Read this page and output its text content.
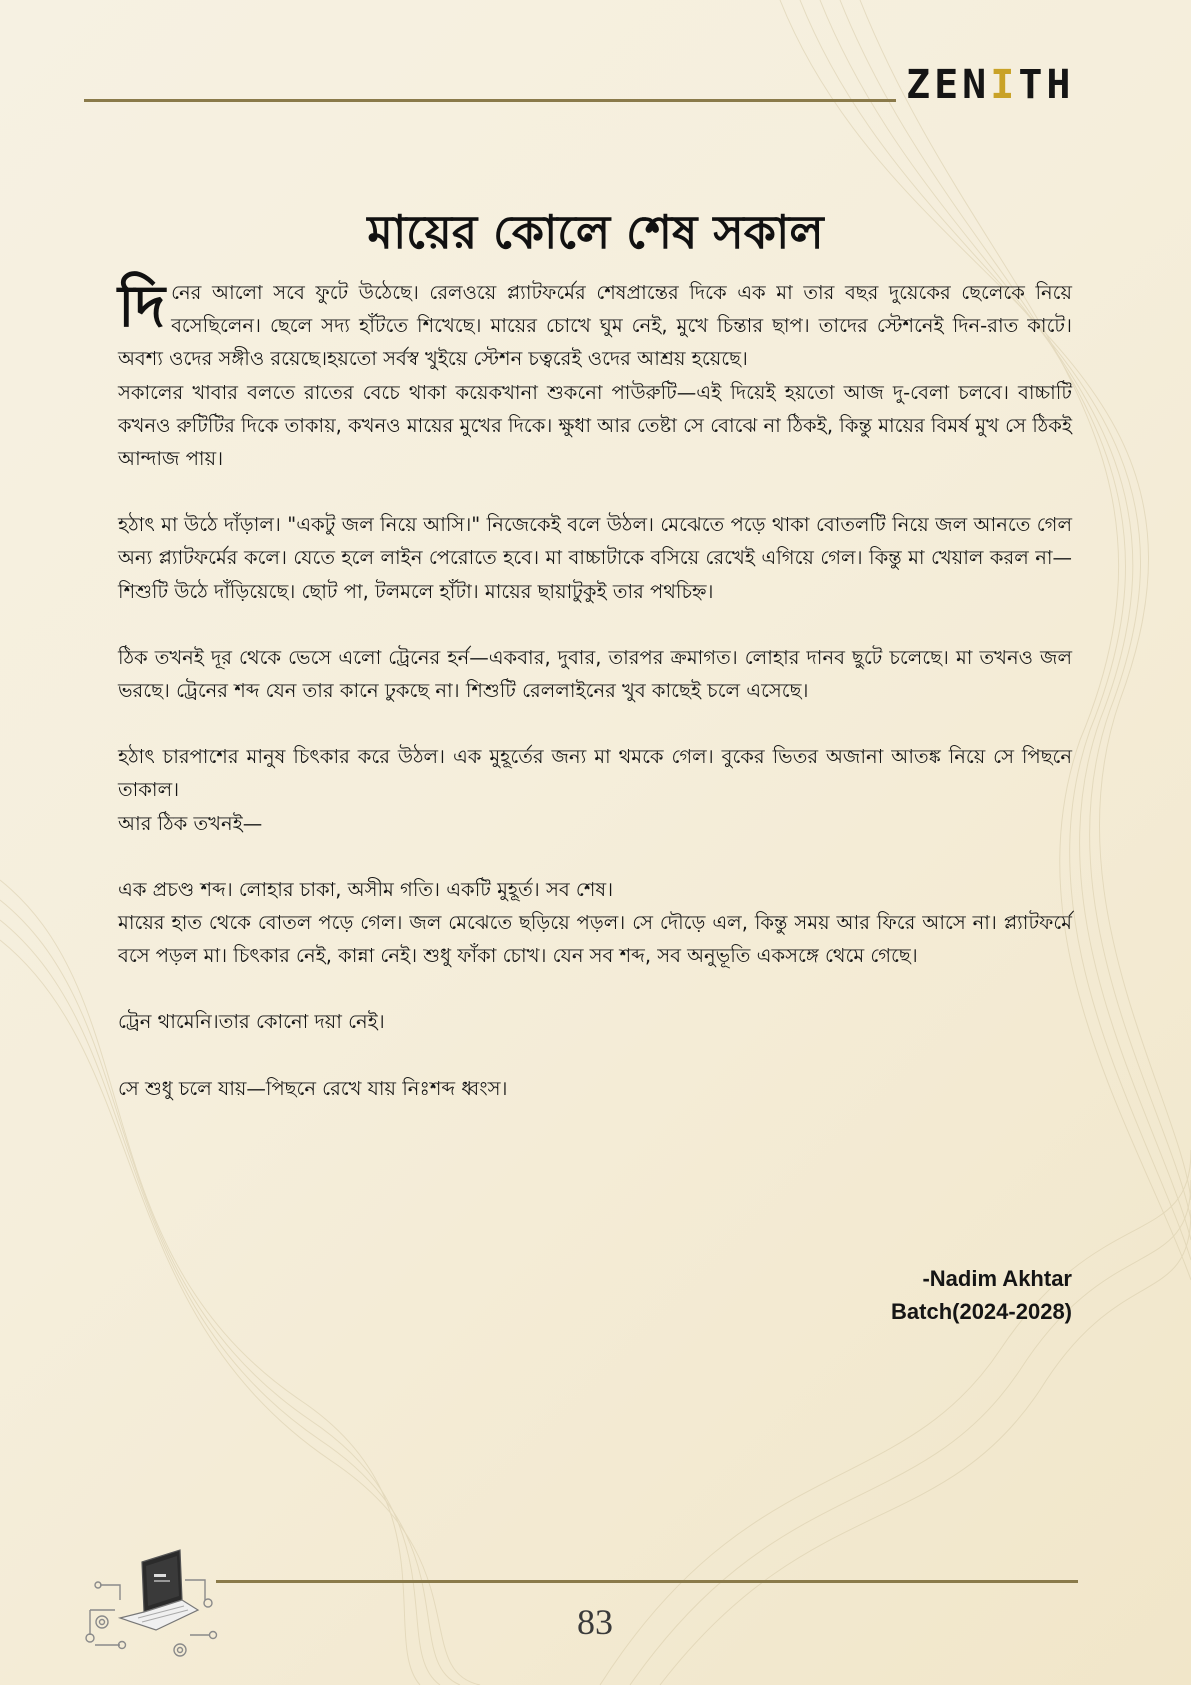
ZENITH
মায়ের কোলে শেষ সকাল

দিনের আলো সবে ফুটে উঠেছে। রেলওয়ে প্ল্যাটফর্মের শেষপ্রান্তের দিকে এক মা তার বছর দুয়েকের ছেলেকে নিয়ে বসেছিলেন। ছেলে সদ্য হাঁটতে শিখেছে। মায়ের চোখে ঘুম নেই, মুখে চিন্তার ছাপ। তাদের স্টেশনেই দিন-রাত কাটে। অবশ্য ওদের সঙ্গীও রয়েছে।হয়তো সর্বস্ব খুইয়ে স্টেশন চত্বরেই ওদের আশ্রয় হয়েছে।

সকালের খাবার বলতে রাতের বেচে থাকা কয়েকখানা শুকনো পাউরুটি—এই দিয়েই হয়তো আজ দু-বেলা চলবে। বাচ্চাটি কখনও রুটিটির দিকে তাকায়, কখনও মায়ের মুখের দিকে। ক্ষুধা আর তেষ্টা সে বোঝে না ঠিকই, কিন্তু মায়ের বিমর্ষ মুখ সে ঠিকই আন্দাজ পায়।

হঠাৎ মা উঠে দাঁড়াল। "একটু জল নিয়ে আসি।" নিজেকেই বলে উঠল। মেঝেতে পড়ে থাকা বোতলটি নিয়ে জল আনতে গেল অন্য প্ল্যাটফর্মের কলে। যেতে হলে লাইন পেরোতে হবে। মা বাচ্চাটাকে বসিয়ে রেখেই এগিয়ে গেল। কিন্তু মা খেয়াল করল না—শিশুটি উঠে দাঁড়িয়েছে। ছোট পা, টলমলে হাঁটা। মায়ের ছায়াটুকুই তার পথচিহ্ন।

ঠিক তখনই দূর থেকে ভেসে এলো ট্রেনের হর্ন—একবার, দুবার, তারপর ক্রমাগত। লোহার দানব ছুটে চলেছে। মা তখনও জল ভরছে। ট্রেনের শব্দ যেন তার কানে ঢুকছে না। শিশুটি রেললাইনের খুব কাছেই চলে এসেছে।

হঠাৎ চারপাশের মানুষ চিৎকার করে উঠল। এক মুহূর্তের জন্য মা থমকে গেল। বুকের ভিতর অজানা আতঙ্ক নিয়ে সে পিছনে তাকাল।

আর ঠিক তখনই—

এক প্রচণ্ড শব্দ। লোহার চাকা, অসীম গতি। একটি মুহূর্ত। সব শেষ।

মায়ের হাত থেকে বোতল পড়ে গেল। জল মেঝেতে ছড়িয়ে পড়ল। সে দৌড়ে এল, কিন্তু সময় আর ফিরে আসে না। প্ল্যাটফর্মে বসে পড়ল মা। চিৎকার নেই, কান্না নেই। শুধু ফাঁকা চোখ। যেন সব শব্দ, সব অনুভূতি একসঙ্গে থেমে গেছে।

ট্রেন থামেনি।তার কোনো দয়া নেই।

সে শুধু চলে যায়—পিছনে রেখে যায় নিঃশব্দ ধ্বংস।

-Nadim Akhtar
Batch(2024-2028)
83
